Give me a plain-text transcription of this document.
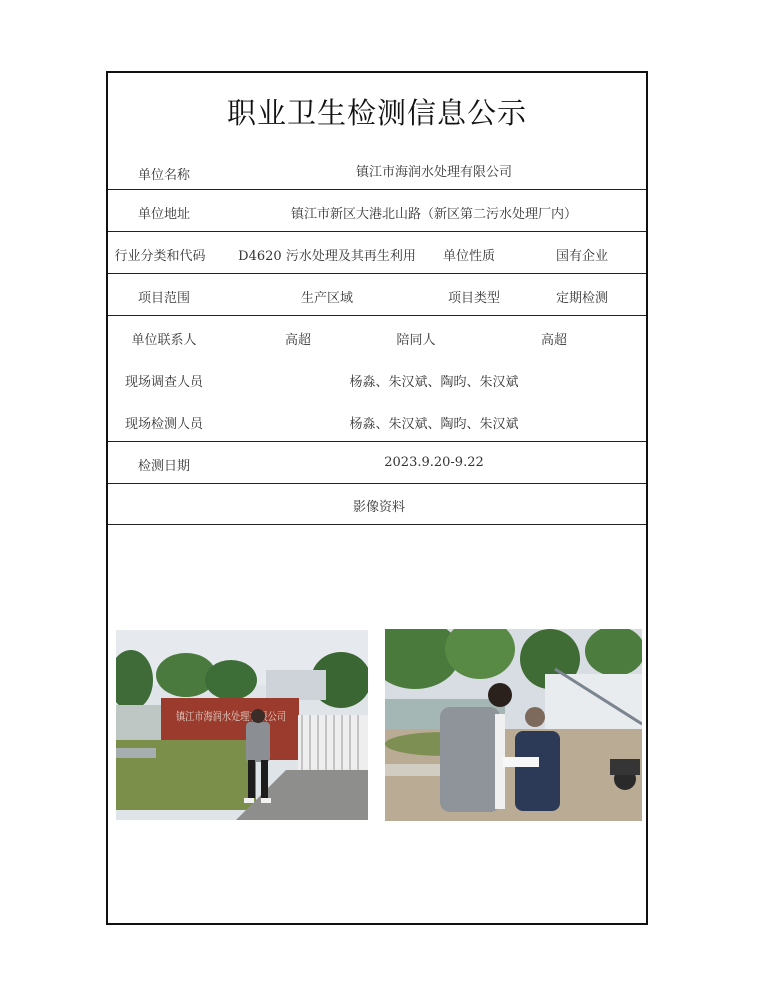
职业卫生检测信息公示
单位名称	镇江市海润水处理有限公司
单位地址	镇江市新区大港北山路（新区第二污水处理厂内）
行业分类和代码	D4620 污水处理及其再生利用 单位性质	国有企业
项目范围	生产区域	项目类型	定期检测
单位联系人	高超	陪同人	高超
现场调查人员	杨淼、朱汉斌、陶昀、朱汉斌
现场检测人员	杨淼、朱汉斌、陶昀、朱汉斌
检测日期	2023.9.20-9.22
影像资料
镇江市海润水处理有限公司
